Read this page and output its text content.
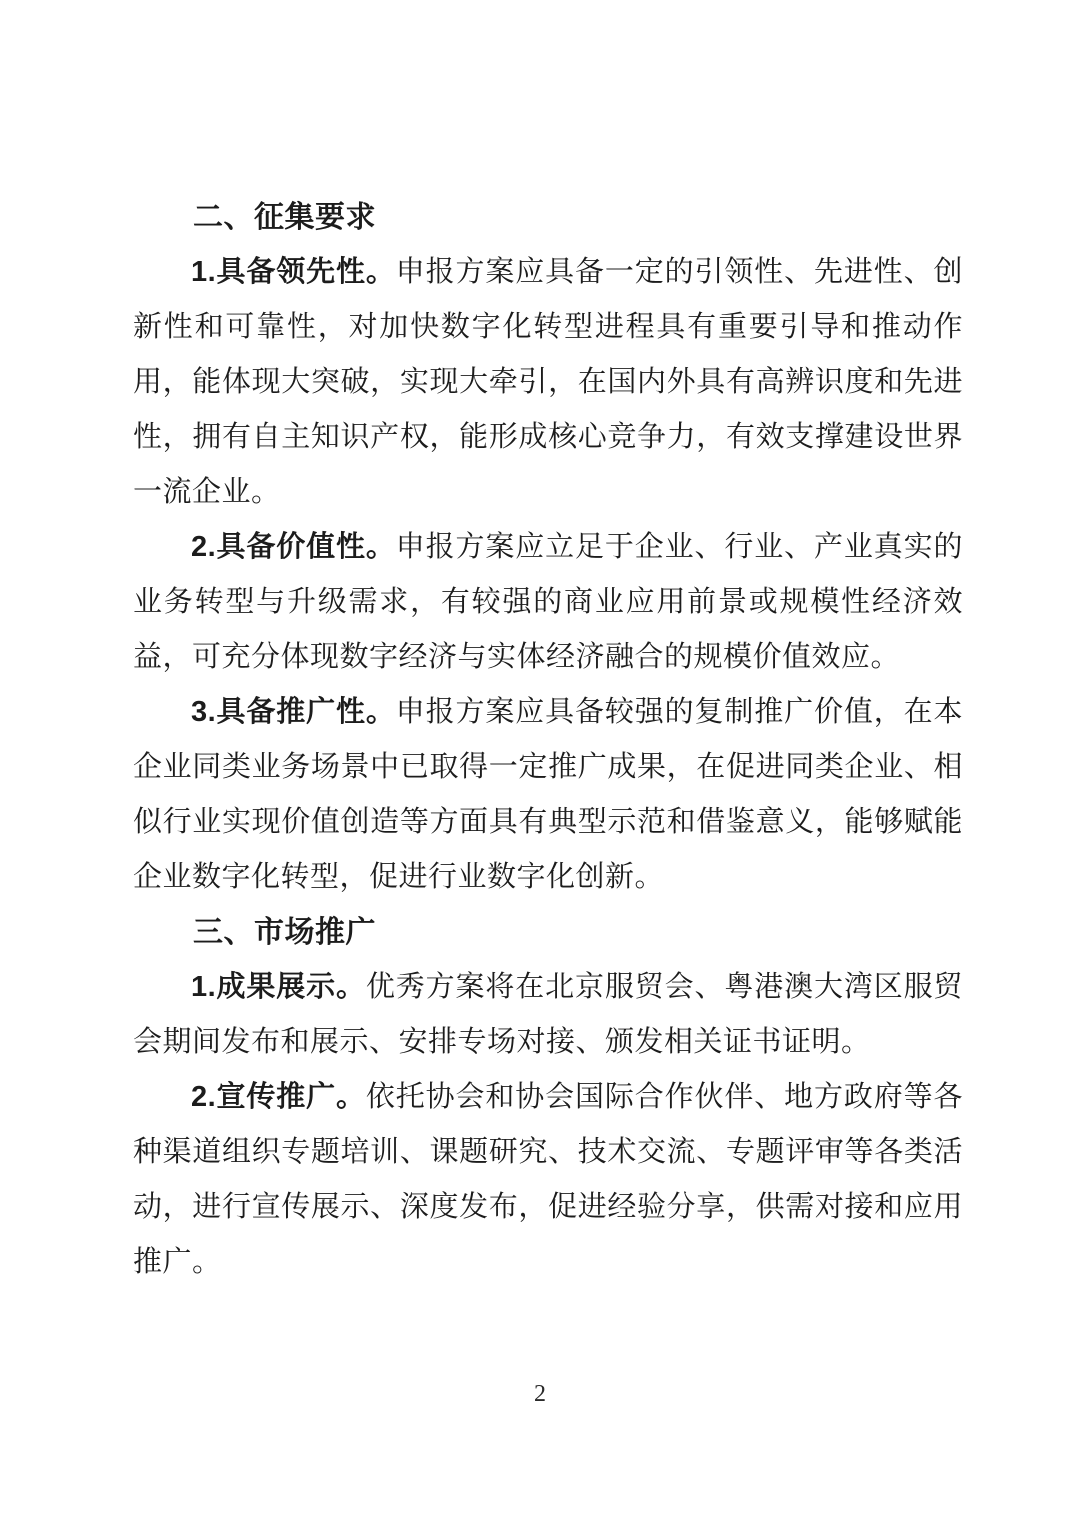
二、征集要求

1.具备领先性。申报方案应具备一定的引领性、先进性、创新性和可靠性，对加快数字化转型进程具有重要引导和推动作用，能体现大突破，实现大牵引，在国内外具有高辨识度和先进性，拥有自主知识产权，能形成核心竞争力，有效支撑建设世界一流企业。

2.具备价值性。申报方案应立足于企业、行业、产业真实的业务转型与升级需求，有较强的商业应用前景或规模性经济效益，可充分体现数字经济与实体经济融合的规模价值效应。

3.具备推广性。申报方案应具备较强的复制推广价值，在本企业同类业务场景中已取得一定推广成果，在促进同类企业、相似行业实现价值创造等方面具有典型示范和借鉴意义，能够赋能企业数字化转型，促进行业数字化创新。

三、市场推广

1.成果展示。优秀方案将在北京服贸会、粤港澳大湾区服贸会期间发布和展示、安排专场对接、颁发相关证书证明。

2.宣传推广。依托协会和协会国际合作伙伴、地方政府等各种渠道组织专题培训、课题研究、技术交流、专题评审等各类活动，进行宣传展示、深度发布，促进经验分享，供需对接和应用推广。

2
